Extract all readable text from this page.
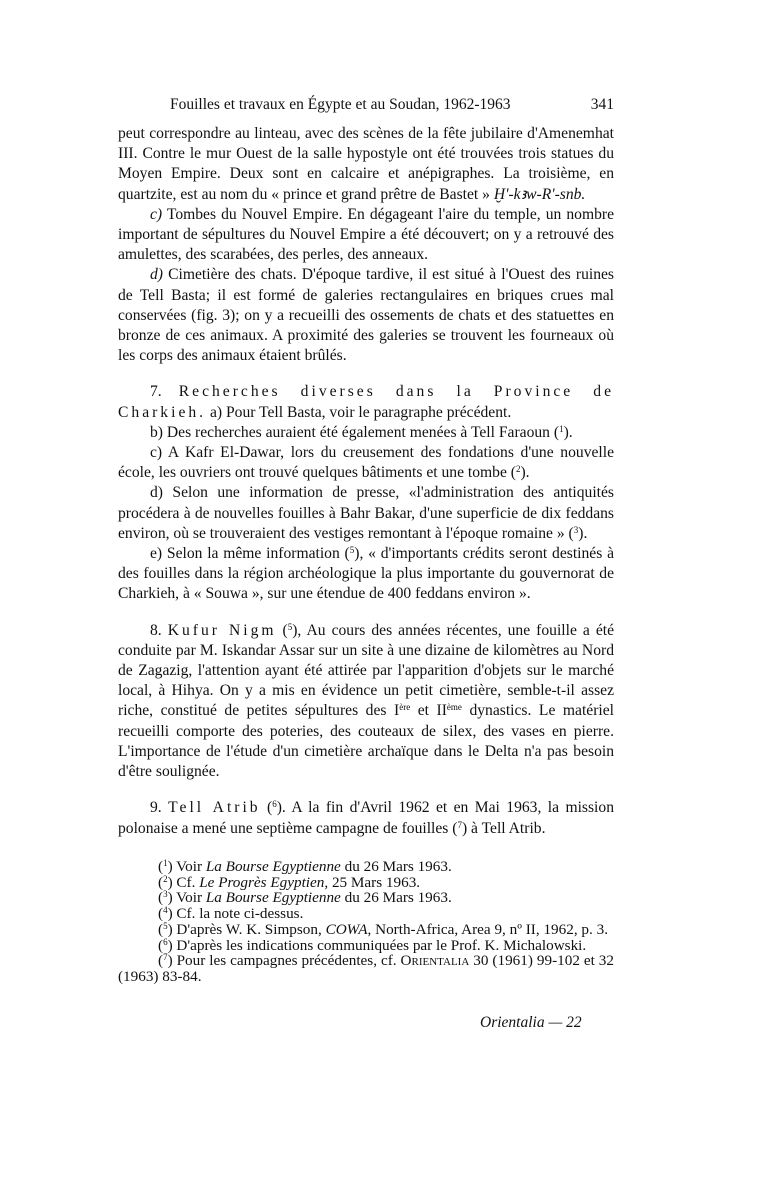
Fouilles et travaux en Égypte et au Soudan, 1962-1963	341

peut correspondre au linteau, avec des scènes de la fête jubilaire d'Amenemhat III. Contre le mur Ouest de la salle hypostyle ont été trouvées trois statues du Moyen Empire. Deux sont en calcaire et anépigraphes. La troisième, en quartzite, est au nom du « prince et grand prêtre de Bastet » Ḫ'-kꜣw-R'-snb.

c) Tombes du Nouvel Empire. En dégageant l'aire du temple, un nombre important de sépultures du Nouvel Empire a été découvert; on y a retrouvé des amulettes, des scarabées, des perles, des anneaux.

d) Cimetière des chats. D'époque tardive, il est situé à l'Ouest des ruines de Tell Basta; il est formé de galeries rectangulaires en briques crues mal conservées (fig. 3); on y a recueilli des ossements de chats et des statuettes en bronze de ces animaux. A proximité des galeries se trouvent les fourneaux où les corps des animaux étaient brûlés.

7. Recherches diverses dans la Province de Charkieh. a) Pour Tell Basta, voir le paragraphe précédent.

b) Des recherches auraient été également menées à Tell Faraoun ($^1$).

c) A Kafr El-Dawar, lors du creusement des fondations d'une nouvelle école, les ouvriers ont trouvé quelques bâtiments et une tombe ($^2$).

d) Selon une information de presse, «l'administration des antiquités procédera à de nouvelles fouilles à Bahr Bakar, d'une superficie de dix feddans environ, où se trouveraient des vestiges remontant à l'époque romaine » ($^3$).

e) Selon la même information ($^5$), « d'importants crédits seront destinés à des fouilles dans la région archéologique la plus importante du gouvernorat de Charkieh, à « Souwa », sur une étendue de 400 feddans environ ».

8. Kufur Nigm ($^5$), Au cours des années récentes, une fouille a été conduite par M. Iskandar Assar sur un site à une dizaine de kilomètres au Nord de Zagazig, l'attention ayant été attirée par l'apparition d'objets sur le marché local, à Hihya. On y a mis en évidence un petit cimetière, semble-t-il assez riche, constitué de petites sépultures des Ière et IIème dynastics. Le matériel recueilli comporte des poteries, des couteaux de silex, des vases en pierre. L'importance de l'étude d'un cimetière archaïque dans le Delta n'a pas besoin d'être soulignée.

9. Tell Atrib ($^6$). A la fin d'Avril 1962 et en Mai 1963, la mission polonaise a mené une septième campagne de fouilles ($^7$) à Tell Atrib.

($^1$) Voir La Bourse Egyptienne du 26 Mars 1963.

($^2$) Cf. Le Progrès Egyptien, 25 Mars 1963.

($^3$) Voir La Bourse Egyptienne du 26 Mars 1963.

($^4$) Cf. la note ci-dessus.

($^5$) D'après W. K. Simpson, COWA, North-Africa, Area 9, nº II, 1962, p. 3.

($^6$) D'après les indications communiquées par le Prof. K. Michalowski.

($^7$) Pour les campagnes précédentes, cf. Orientalia 30 (1961) 99-102 et 32 (1963) 83-84.

Orientalia — 22
